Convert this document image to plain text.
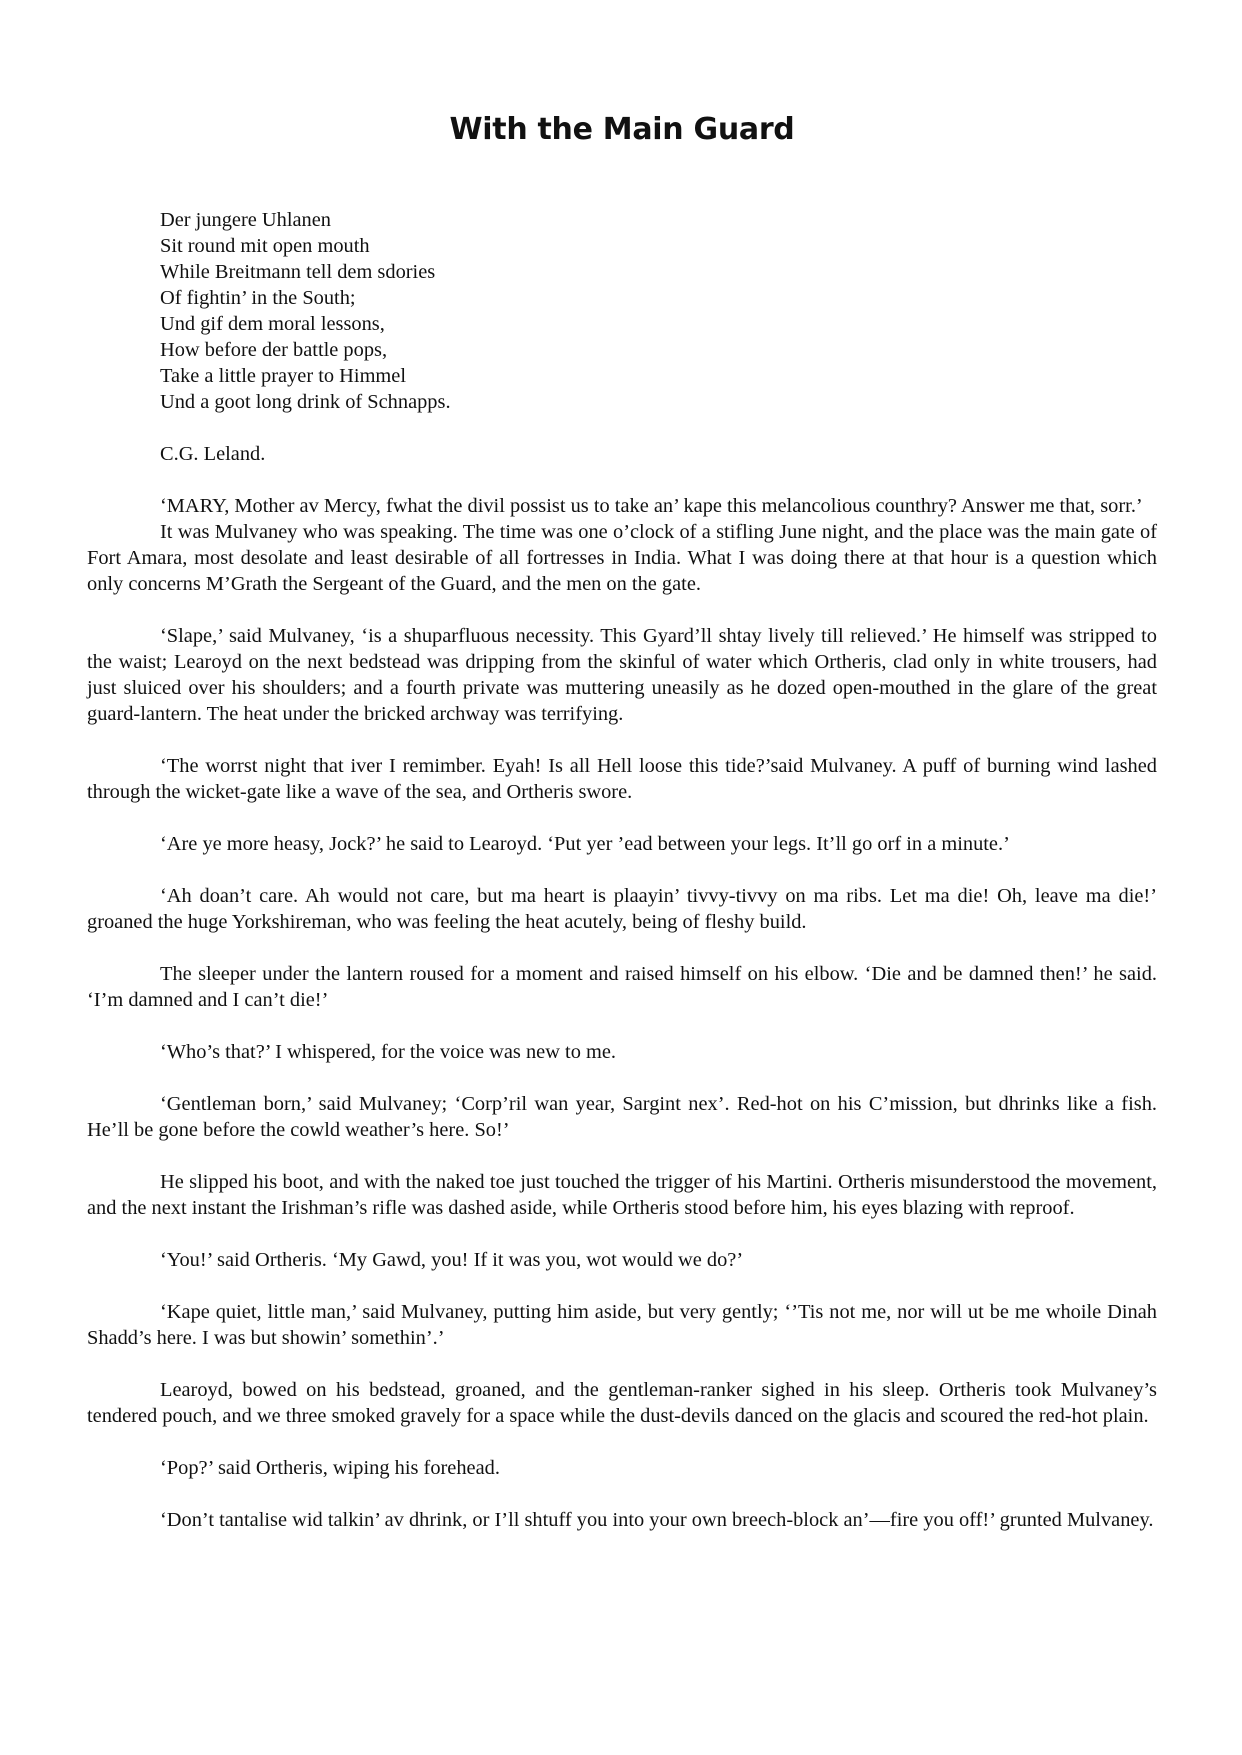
With the Main Guard
Der jungere Uhlanen
Sit round mit open mouth
While Breitmann tell dem sdories
Of fightin’ in the South;
Und gif dem moral lessons,
How before der battle pops,
Take a little prayer to Himmel
Und a goot long drink of Schnapps.

C.G. Leland.

‘MARY, Mother av Mercy, fwhat the divil possist us to take an’ kape this melancolious counthry? Answer me that, sorr.’

It was Mulvaney who was speaking. The time was one o’clock of a stifling June night, and the place was the main gate of Fort Amara, most desolate and least desirable of all fortresses in India. What I was doing there at that hour is a question which only concerns M’Grath the Sergeant of the Guard, and the men on the gate.

‘Slape,’ said Mulvaney, ‘is a shuparfluous necessity. This Gyard’ll shtay lively till relieved.’ He himself was stripped to the waist; Learoyd on the next bedstead was dripping from the skinful of water which Ortheris, clad only in white trousers, had just sluiced over his shoulders; and a fourth private was muttering uneasily as he dozed open-mouthed in the glare of the great guard-lantern. The heat under the bricked archway was terrifying.

‘The worrst night that iver I remimber. Eyah! Is all Hell loose this tide?’said Mulvaney. A puff of burning wind lashed through the wicket-gate like a wave of the sea, and Ortheris swore.

‘Are ye more heasy, Jock?’ he said to Learoyd. ‘Put yer ’ead between your legs. It’ll go orf in a minute.’

‘Ah doan’t care. Ah would not care, but ma heart is plaayin’ tivvy-tivvy on ma ribs. Let ma die! Oh, leave ma die!’ groaned the huge Yorkshireman, who was feeling the heat acutely, being of fleshy build.

The sleeper under the lantern roused for a moment and raised himself on his elbow. ‘Die and be damned then!’ he said. ‘I’m damned and I can’t die!’

‘Who’s that?’ I whispered, for the voice was new to me.

‘Gentleman born,’ said Mulvaney; ‘Corp’ril wan year, Sargint nex’. Red-hot on his C’mission, but dhrinks like a fish. He’ll be gone before the cowld weather’s here. So!’

He slipped his boot, and with the naked toe just touched the trigger of his Martini. Ortheris misunderstood the movement, and the next instant the Irishman’s rifle was dashed aside, while Ortheris stood before him, his eyes blazing with reproof.

‘You!’ said Ortheris. ‘My Gawd, you! If it was you, wot would we do?’

‘Kape quiet, little man,’ said Mulvaney, putting him aside, but very gently; ‘’Tis not me, nor will ut be me whoile Dinah Shadd’s here. I was but showin’ somethin’.’

Learoyd, bowed on his bedstead, groaned, and the gentleman-ranker sighed in his sleep. Ortheris took Mulvaney’s tendered pouch, and we three smoked gravely for a space while the dust-devils danced on the glacis and scoured the red-hot plain.

‘Pop?’ said Ortheris, wiping his forehead.

‘Don’t tantalise wid talkin’ av dhrink, or I’ll shtuff you into your own breech-block an’—fire you off!’ grunted Mulvaney.
